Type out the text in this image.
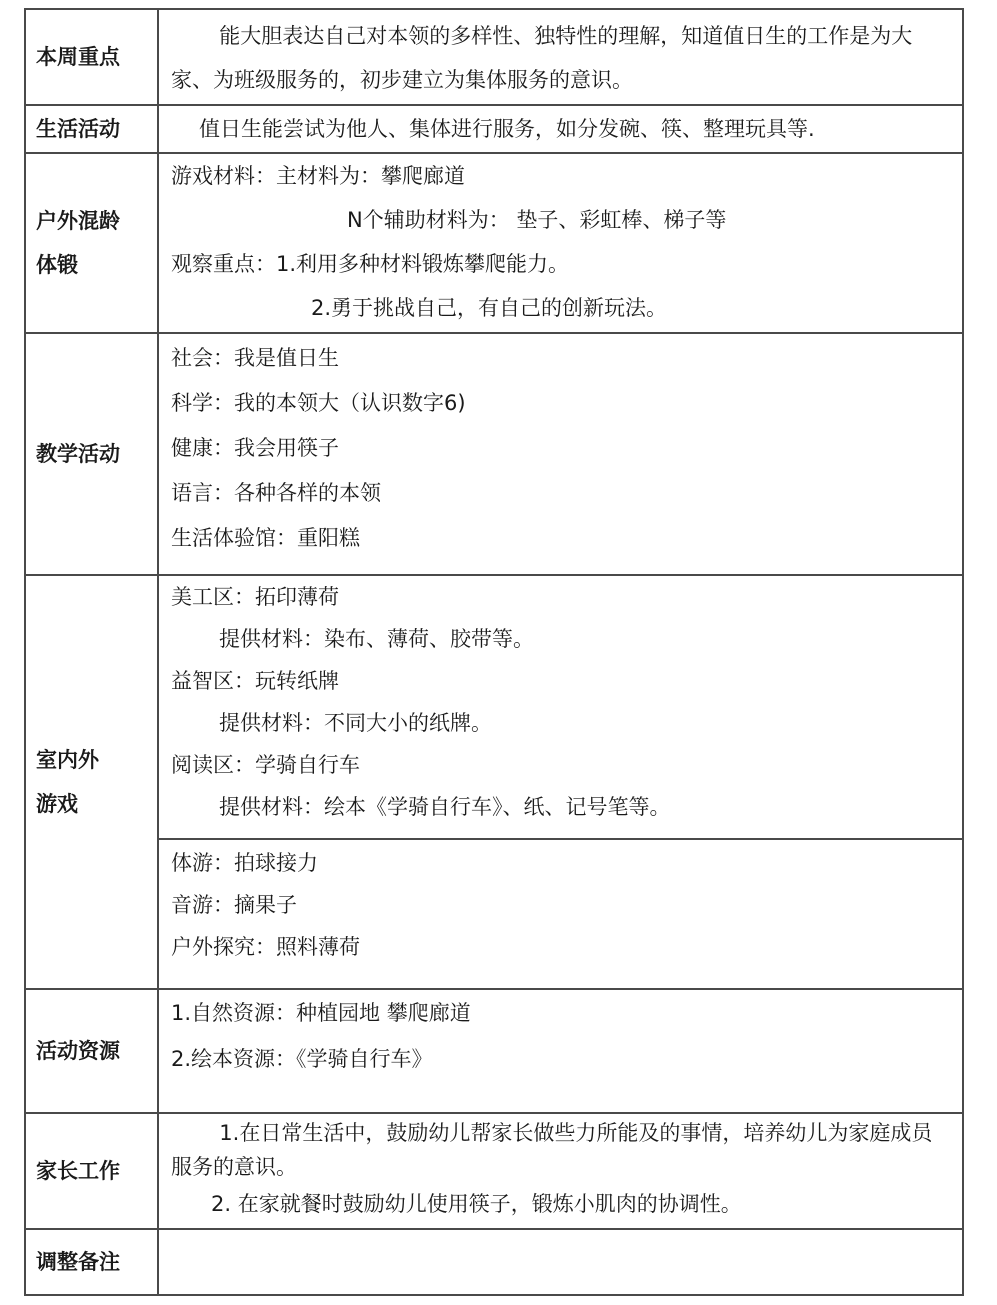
本周重点
能大胆表达自己对本领的多样性、独特性的理解，知道值日生的工作是为大家、为班级服务的，初步建立为集体服务的意识。
生活活动	值日生能尝试为他人、集体进行服务，如分发碗、筷、整理玩具等.
户外混龄
体锻
游戏材料：主材料为：攀爬廊道
N个辅助材料为： 垫子、彩虹棒、梯子等
观察重点：1.利用多种材料锻炼攀爬能力。
2.勇于挑战自己，有自己的创新玩法。
教学活动
社会：我是值日生
科学：我的本领大（认识数字6)
健康：我会用筷子
语言：各种各样的本领
生活体验馆：重阳糕
室内外
游戏
美工区：拓印薄荷
提供材料：染布、薄荷、胶带等。
益智区：玩转纸牌
提供材料：不同大小的纸牌。
阅读区：学骑自行车
提供材料：绘本《学骑自行车》、纸、记号笔等。
体游：拍球接力
音游：摘果子
户外探究：照料薄荷
活动资源
1.自然资源：种植园地 攀爬廊道
2.绘本资源：《学骑自行车》
家长工作
1.在日常生活中，鼓励幼儿帮家长做些力所能及的事情，培养幼儿为家庭成员服务的意识。
2. 在家就餐时鼓励幼儿使用筷子，锻炼小肌肉的协调性。
调整备注
